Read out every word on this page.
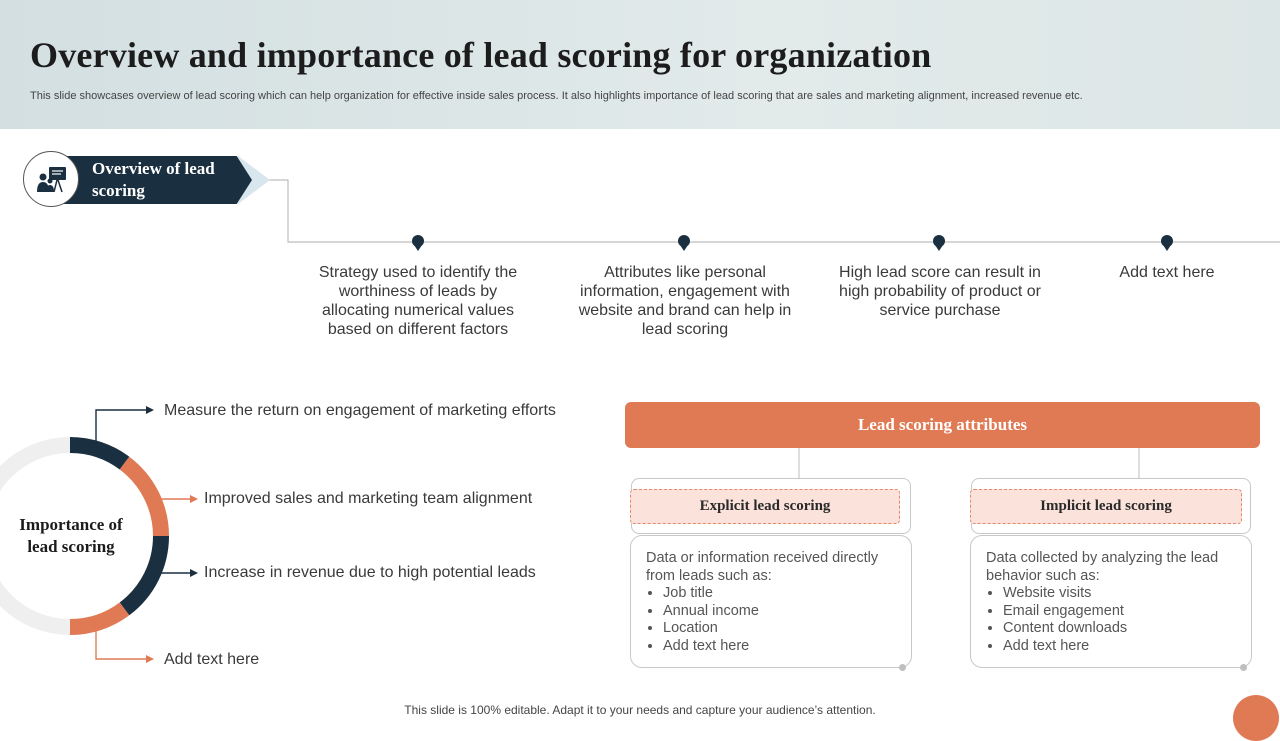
Overview and importance of lead scoring for organization
This slide showcases overview of lead scoring which can help organization for effective inside sales process. It also highlights importance of lead scoring that are sales and marketing alignment, increased revenue etc.
Overview of lead scoring
Strategy used to identify the worthiness of leads by allocating numerical values based on different factors
Attributes like personal information, engagement with website and brand can help in lead scoring
High lead score can result in high probability of product or service purchase
Add text here
Importance of lead scoring
Measure the return on engagement of marketing efforts
Improved sales and marketing team alignment
Increase in revenue due to high potential leads
Add text here
Lead scoring attributes
Explicit lead scoring
Data or information received directly from leads such as:
• Job title
• Annual income
• Location
• Add text here
Implicit lead scoring
Data collected by analyzing the lead behavior such as:
• Website visits
• Email engagement
• Content downloads
• Add text here
This slide is 100% editable. Adapt it to your needs and capture your audience’s attention.
